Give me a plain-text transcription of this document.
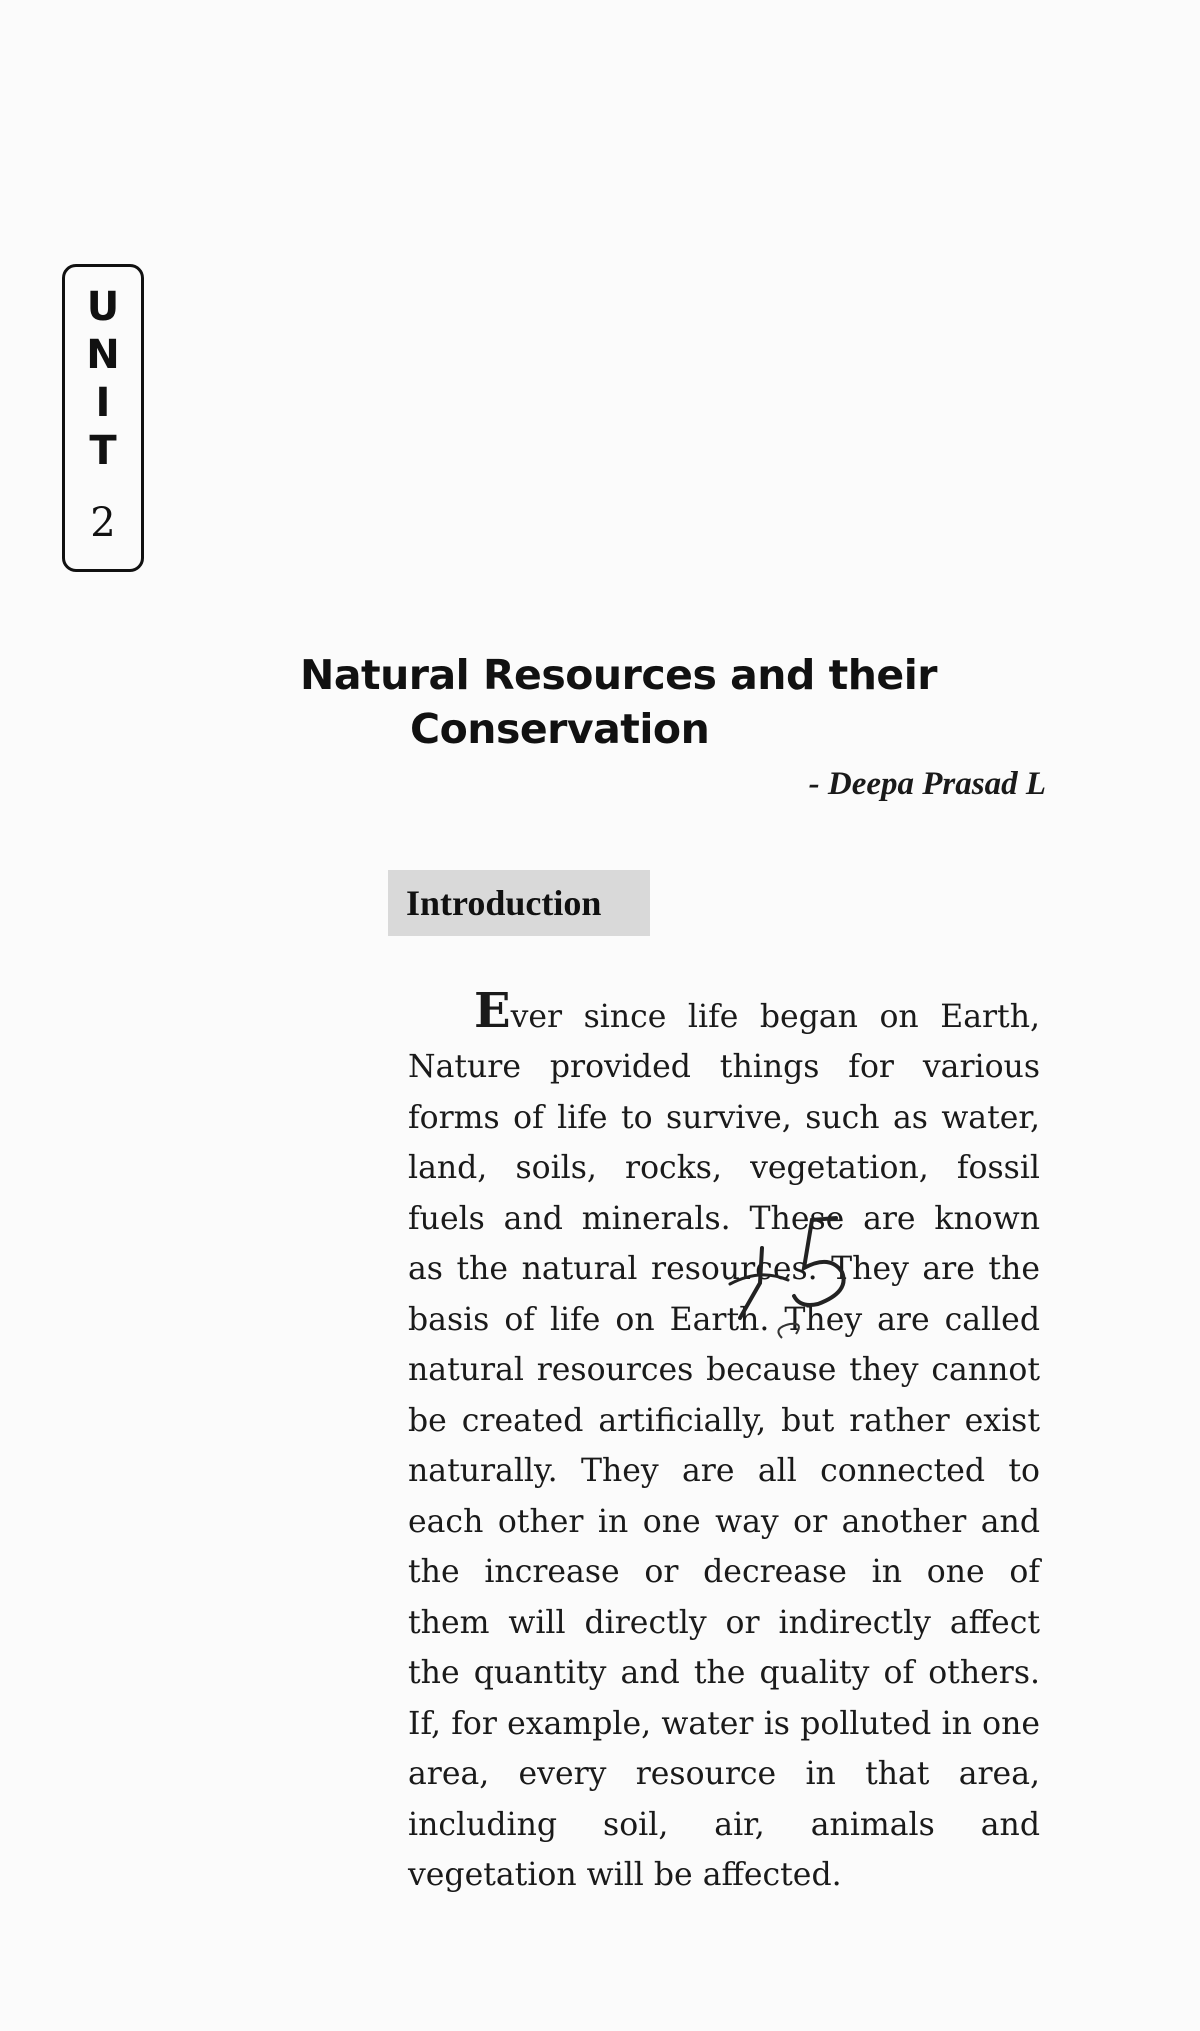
U
N
I
T
2
Natural Resources and their
Conservation
- Deepa Prasad L
Introduction

Ever since life began on Earth, Nature provided things for various forms of life to survive, such as water, land, soils, rocks, vegetation, fossil fuels and minerals. These are known as the natural resources. They are the basis of life on Earth. They are called natural resources because they cannot be created artificially, but rather exist naturally. They are all connected to each other in one way or another and the increase or decrease in one of them will directly or indirectly affect the quantity and the quality of others. If, for example, water is polluted in one area, every resource in that area, including soil, air, animals and vegetation will be affected.
